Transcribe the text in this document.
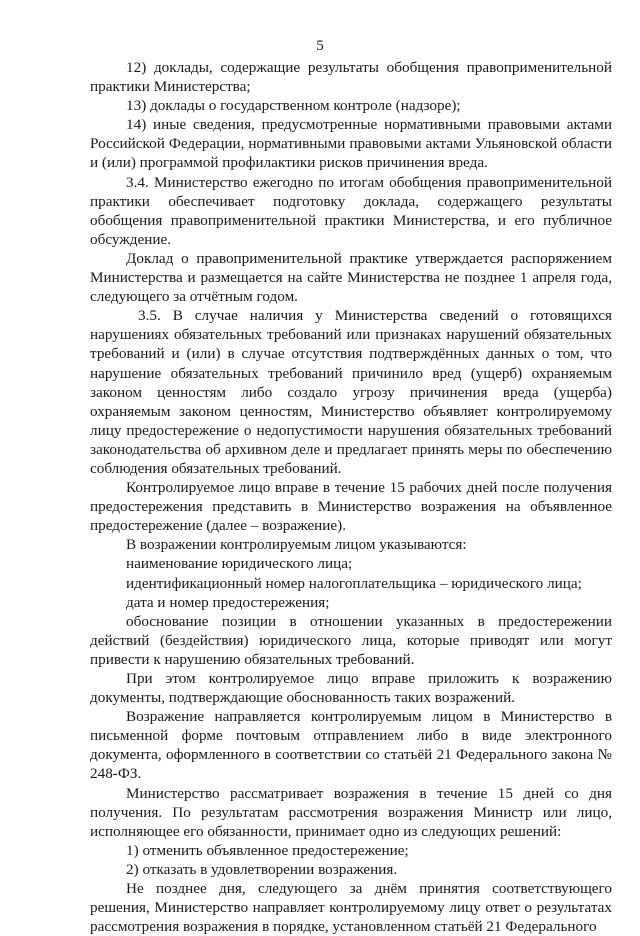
5

12) доклады, содержащие результаты обобщения правоприменительной практики Министерства;

13) доклады о государственном контроле (надзоре);

14) иные сведения, предусмотренные нормативными правовыми актами Российской Федерации, нормативными правовыми актами Ульяновской области и (или) программой профилактики рисков причинения вреда.

3.4. Министерство ежегодно по итогам обобщения правоприменительной практики обеспечивает подготовку доклада, содержащего результаты обобщения правоприменительной практики Министерства, и его публичное обсуждение.

Доклад о правоприменительной практике утверждается распоряжением Министерства и размещается на сайте Министерства не позднее 1 апреля года, следующего за отчётным годом.

3.5. В случае наличия у Министерства сведений о готовящихся нарушениях обязательных требований или признаках нарушений обязательных требований и (или) в случае отсутствия подтверждённых данных о том, что нарушение обязательных требований причинило вред (ущерб) охраняемым законом ценностям либо создало угрозу причинения вреда (ущерба) охраняемым законом ценностям, Министерство объявляет контролируемому лицу предостережение о недопустимости нарушения обязательных требований законодательства об архивном деле и предлагает принять меры по обеспечению соблюдения обязательных требований.

Контролируемое лицо вправе в течение 15 рабочих дней после получения предостережения представить в Министерство возражения на объявленное предостережение (далее – возражение).

В возражении контролируемым лицом указываются:

наименование юридического лица;

идентификационный номер налогоплательщика – юридического лица;

дата и номер предостережения;

обоснование позиции в отношении указанных в предостережении действий (бездействия) юридического лица, которые приводят или могут привести к нарушению обязательных требований.

При этом контролируемое лицо вправе приложить к возражению документы, подтверждающие обоснованность таких возражений.

Возражение направляется контролируемым лицом в Министерство в письменной форме почтовым отправлением либо в виде электронного документа, оформленного в соответствии со статьёй 21 Федерального закона № 248-ФЗ.

Министерство рассматривает возражения в течение 15 дней со дня получения. По результатам рассмотрения возражения Министр или лицо, исполняющее его обязанности, принимает одно из следующих решений:

1) отменить объявленное предостережение;

2) отказать в удовлетворении возражения.

Не позднее дня, следующего за днём принятия соответствующего решения, Министерство направляет контролируемому лицу ответ о результатах рассмотрения возражения в порядке, установленном статьёй 21 Федерального
